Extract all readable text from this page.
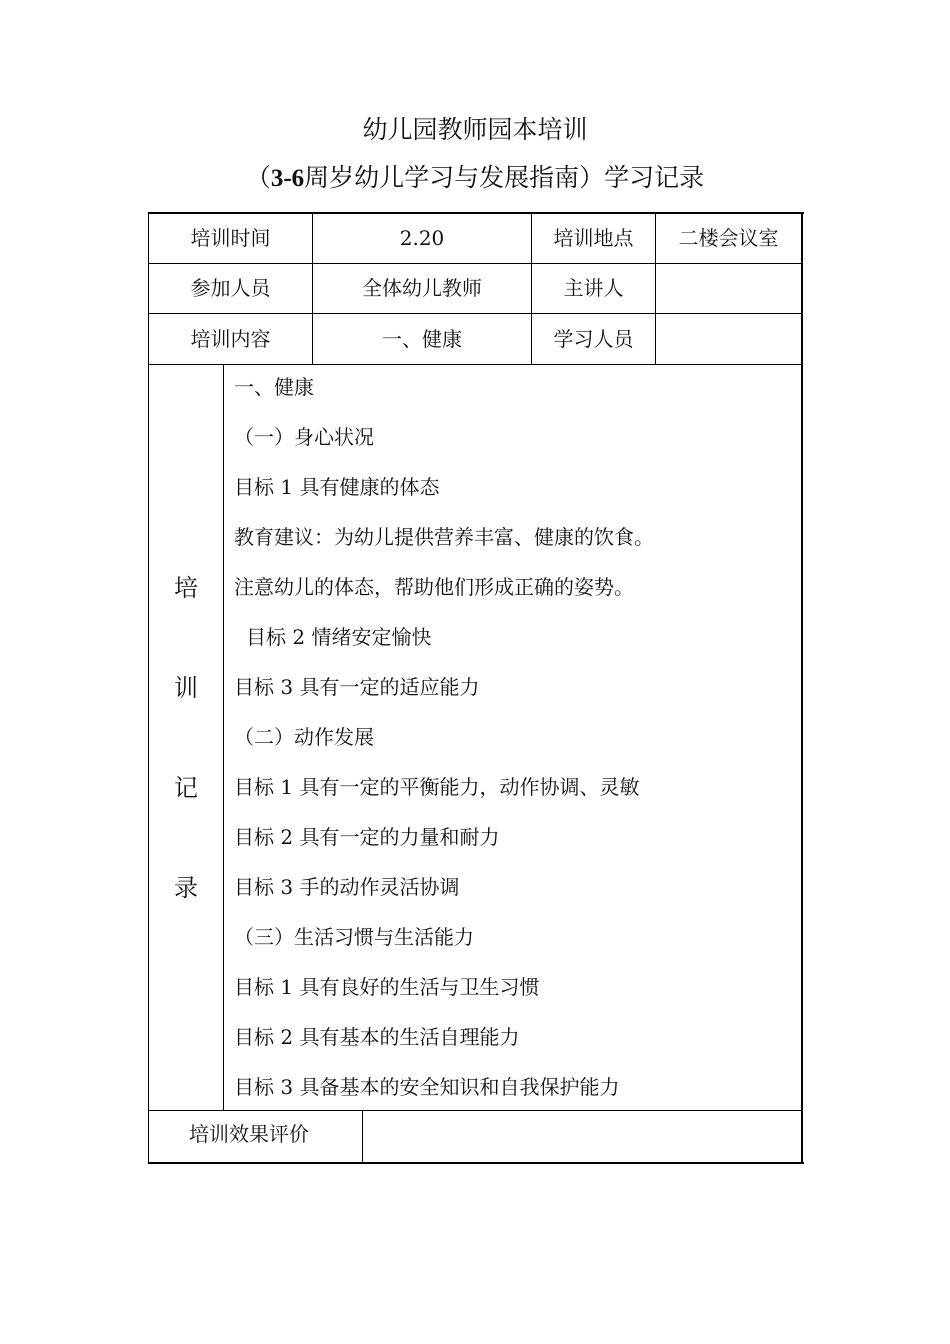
幼儿园教师园本培训
（3-6周岁幼儿学习与发展指南）学习记录
培训时间	2.20	培训地点	二楼会议室
参加人员	全体幼儿教师	主讲人
培训内容	一、健康	学习人员
培
训
记
录
一、健康
（一）身心状况
目标 1 具有健康的体态
教育建议：为幼儿提供营养丰富、健康的饮食。
注意幼儿的体态，帮助他们形成正确的姿势。
目标 2 情绪安定愉快
目标 3 具有一定的适应能力
（二）动作发展
目标 1 具有一定的平衡能力，动作协调、灵敏
目标 2 具有一定的力量和耐力
目标 3 手的动作灵活协调
（三）生活习惯与生活能力
目标 1 具有良好的生活与卫生习惯
目标 2 具有基本的生活自理能力
目标 3 具备基本的安全知识和自我保护能力
培训效果评价
